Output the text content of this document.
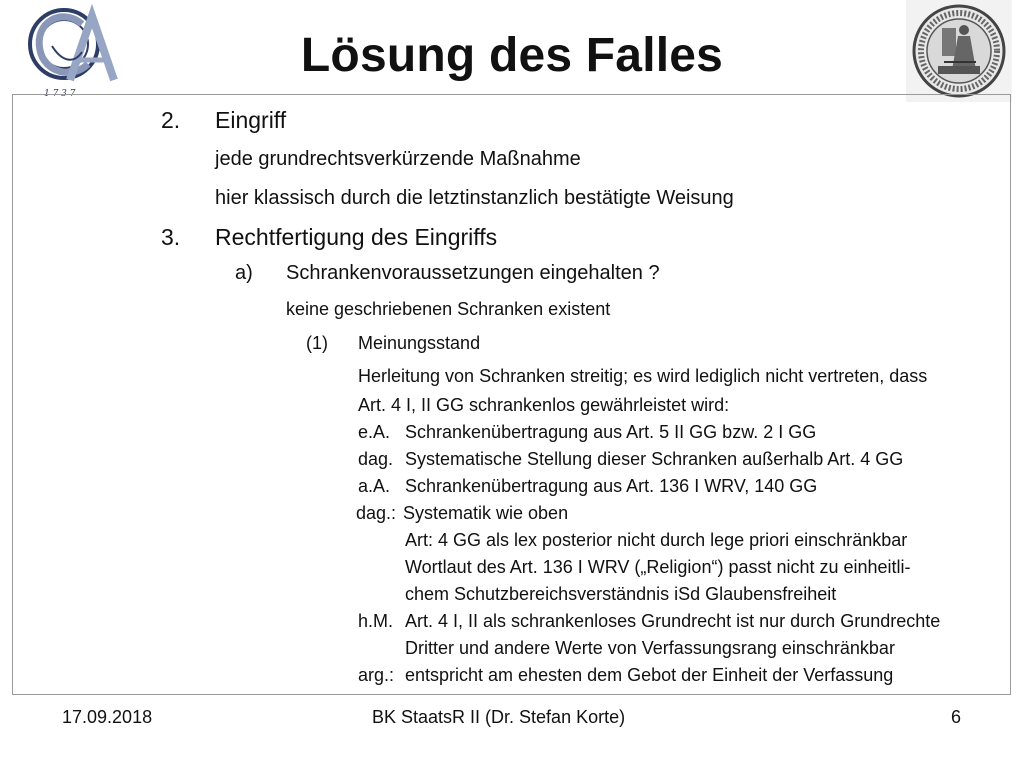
1 7 3 7
Lösung des Falles
2. Eingriff
jede grundrechtsverkürzende Maßnahme
hier klassisch durch die letztinstanzlich bestätigte Weisung
3. Rechtfertigung des Eingriffs
a) Schrankenvoraussetzungen eingehalten ?
keine geschriebenen Schranken existent
(1) Meinungsstand
Herleitung von Schranken streitig; es wird lediglich nicht vertreten, dass
Art. 4 I, II GG schrankenlos gewährleistet wird:
e.A. Schrankenübertragung aus Art. 5 II GG bzw. 2 I GG
dag. Systematische Stellung dieser Schranken außerhalb Art. 4 GG
a.A. Schrankenübertragung aus Art. 136 I WRV, 140 GG
dag.: Systematik wie oben
Art: 4 GG als lex posterior nicht durch lege priori einschränkbar
Wortlaut des Art. 136 I WRV („Religion“) passt nicht zu einheitli-
chem Schutzbereichsverständnis iSd Glaubensfreiheit
h.M. Art. 4 I, II als schrankenloses Grundrecht ist nur durch Grundrechte
Dritter und andere Werte von Verfassungsrang einschränkbar
arg.: entspricht am ehesten dem Gebot der Einheit der Verfassung
17.09.2018	BK StaatsR II (Dr. Stefan Korte)	6
